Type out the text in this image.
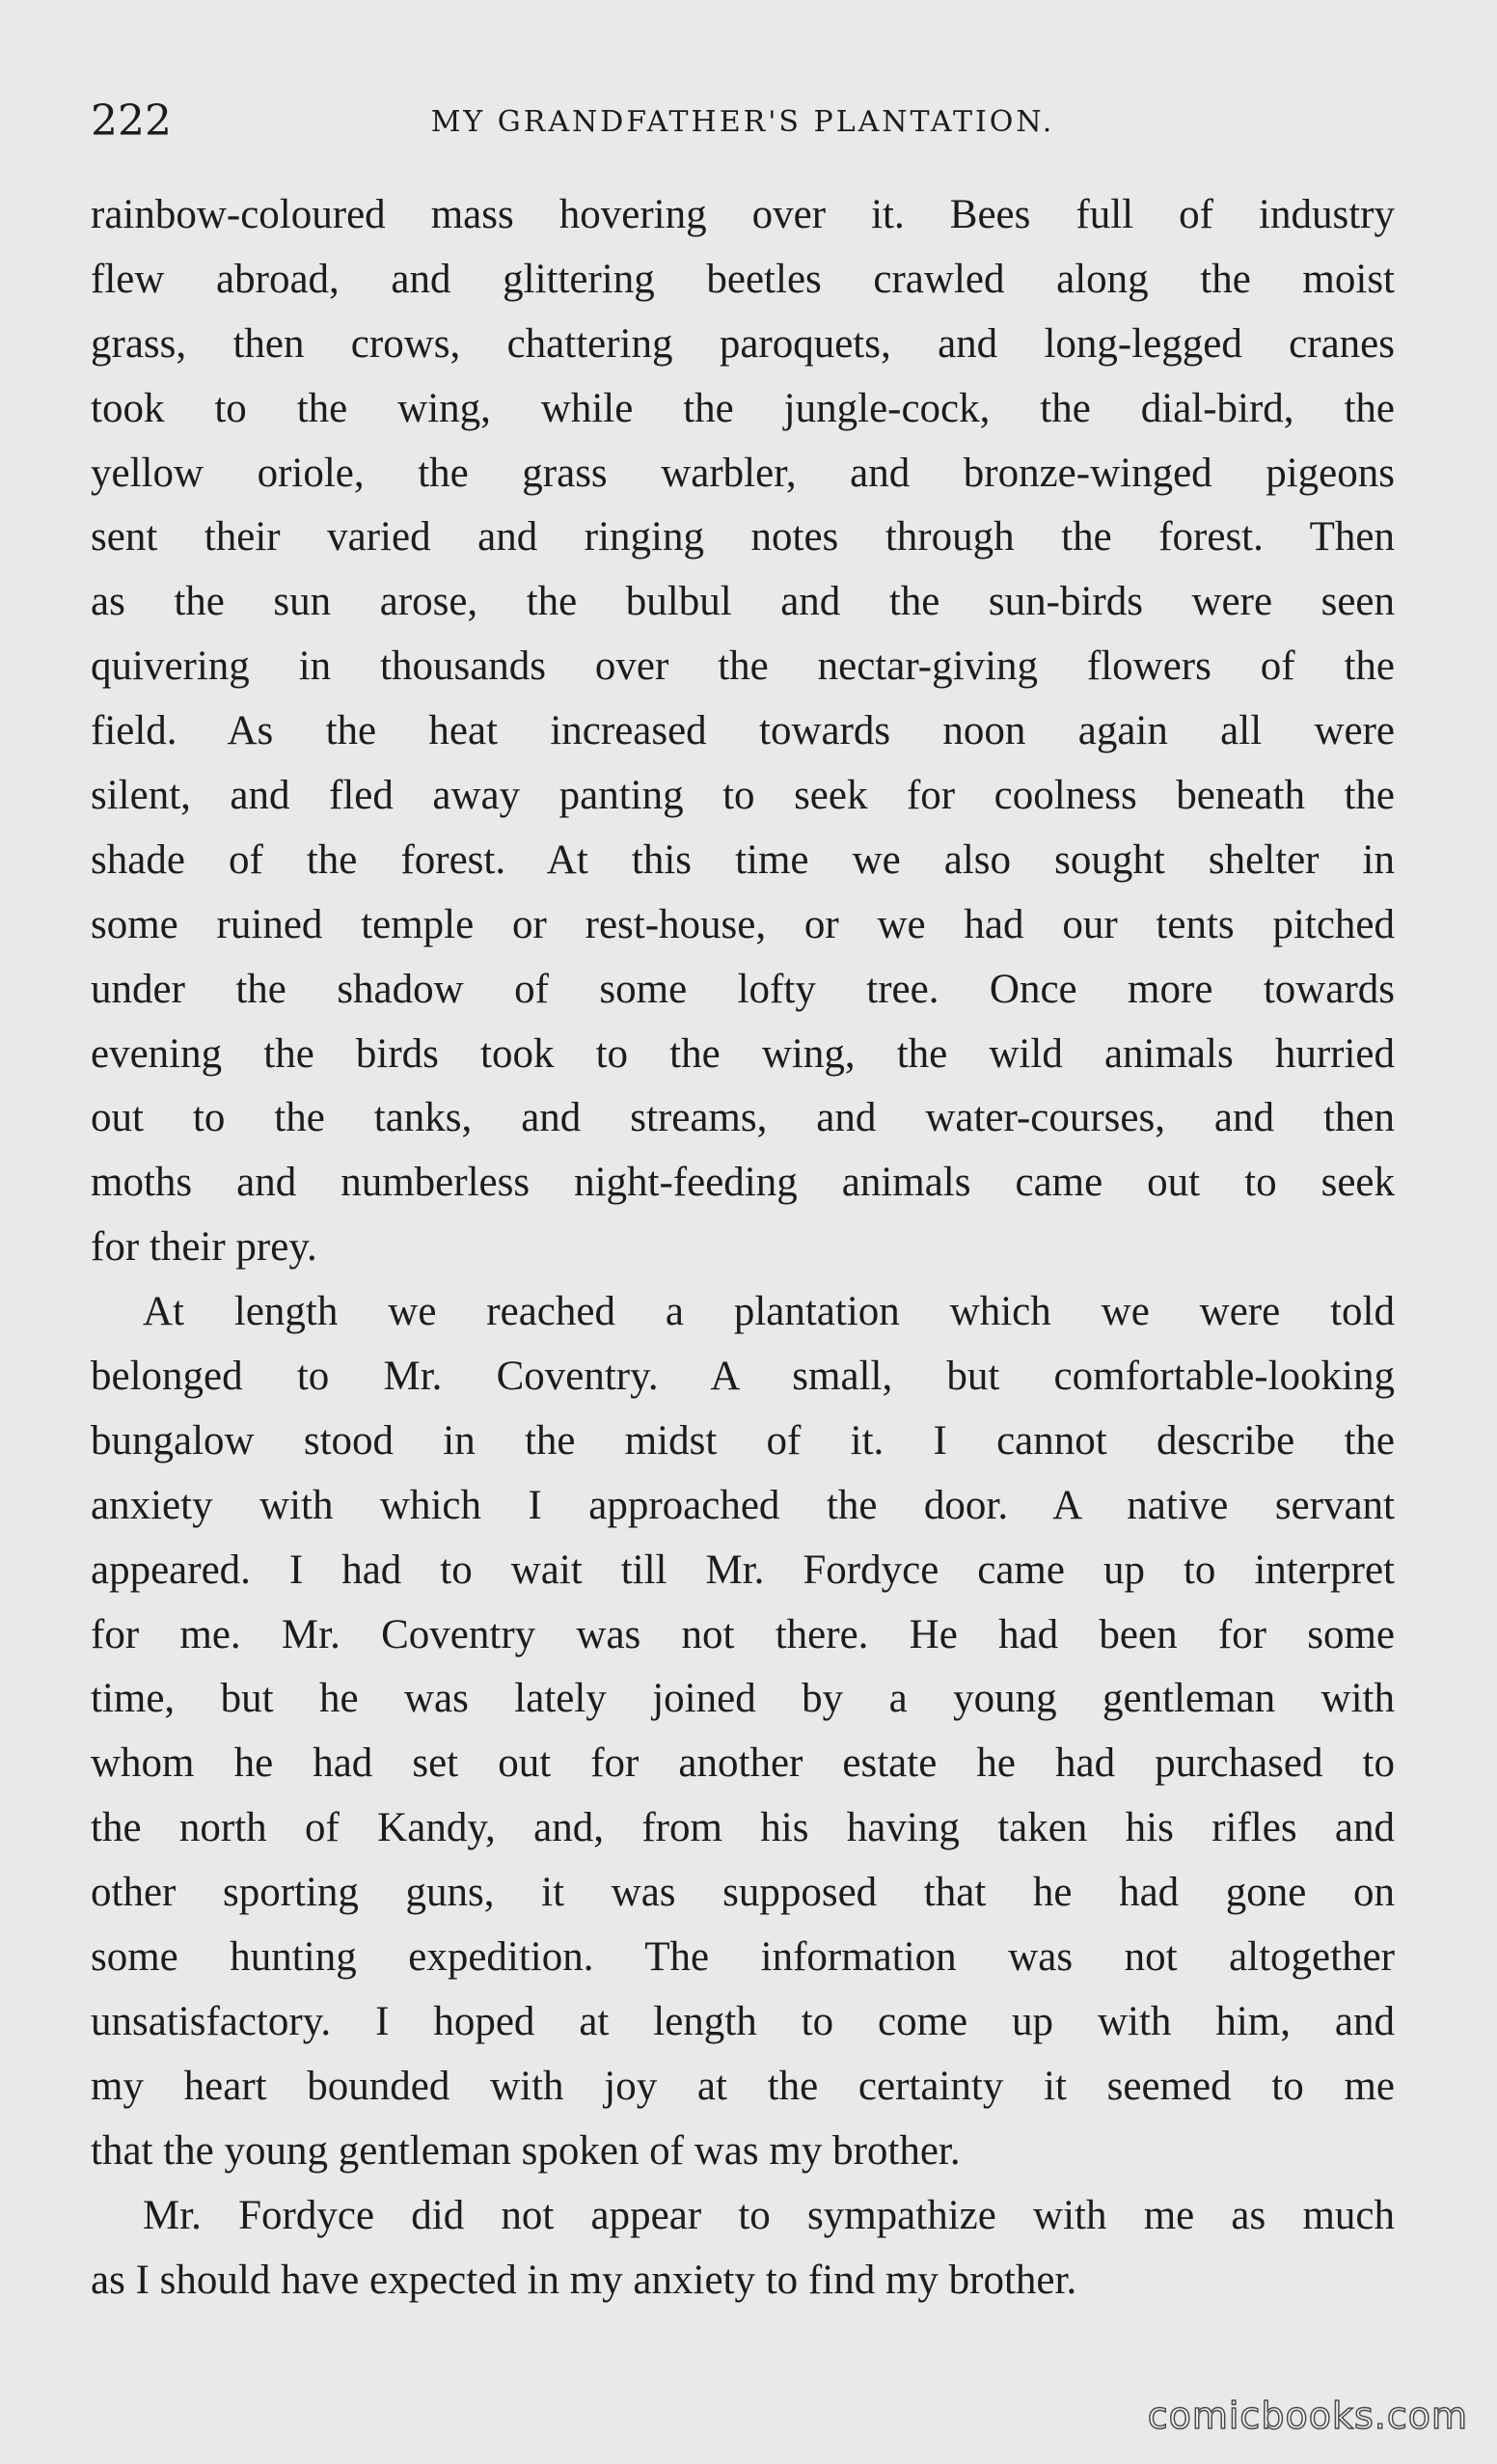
222	MY GRANDFATHER'S PLANTATION.
rainbow-coloured mass hovering over it. Bees full of industry
flew abroad, and glittering beetles crawled along the moist
grass, then crows, chattering paroquets, and long-legged cranes
took to the wing, while the jungle-cock, the dial-bird, the
yellow oriole, the grass warbler, and bronze-winged pigeons
sent their varied and ringing notes through the forest. Then
as the sun arose, the bulbul and the sun-birds were seen
quivering in thousands over the nectar-giving flowers of the
field. As the heat increased towards noon again all were
silent, and fled away panting to seek for coolness beneath the
shade of the forest. At this time we also sought shelter in
some ruined temple or rest-house, or we had our tents pitched
under the shadow of some lofty tree. Once more towards
evening the birds took to the wing, the wild animals hurried
out to the tanks, and streams, and water-courses, and then
moths and numberless night-feeding animals came out to seek
for their prey.
At length we reached a plantation which we were told
belonged to Mr. Coventry. A small, but comfortable-looking
bungalow stood in the midst of it. I cannot describe the
anxiety with which I approached the door. A native servant
appeared. I had to wait till Mr. Fordyce came up to interpret
for me. Mr. Coventry was not there. He had been for some
time, but he was lately joined by a young gentleman with
whom he had set out for another estate he had purchased to
the north of Kandy, and, from his having taken his rifles and
other sporting guns, it was supposed that he had gone on
some hunting expedition. The information was not altogether
unsatisfactory. I hoped at length to come up with him, and
my heart bounded with joy at the certainty it seemed to me
that the young gentleman spoken of was my brother.
Mr. Fordyce did not appear to sympathize with me as much
as I should have expected in my anxiety to find my brother.
comicbooks.com
